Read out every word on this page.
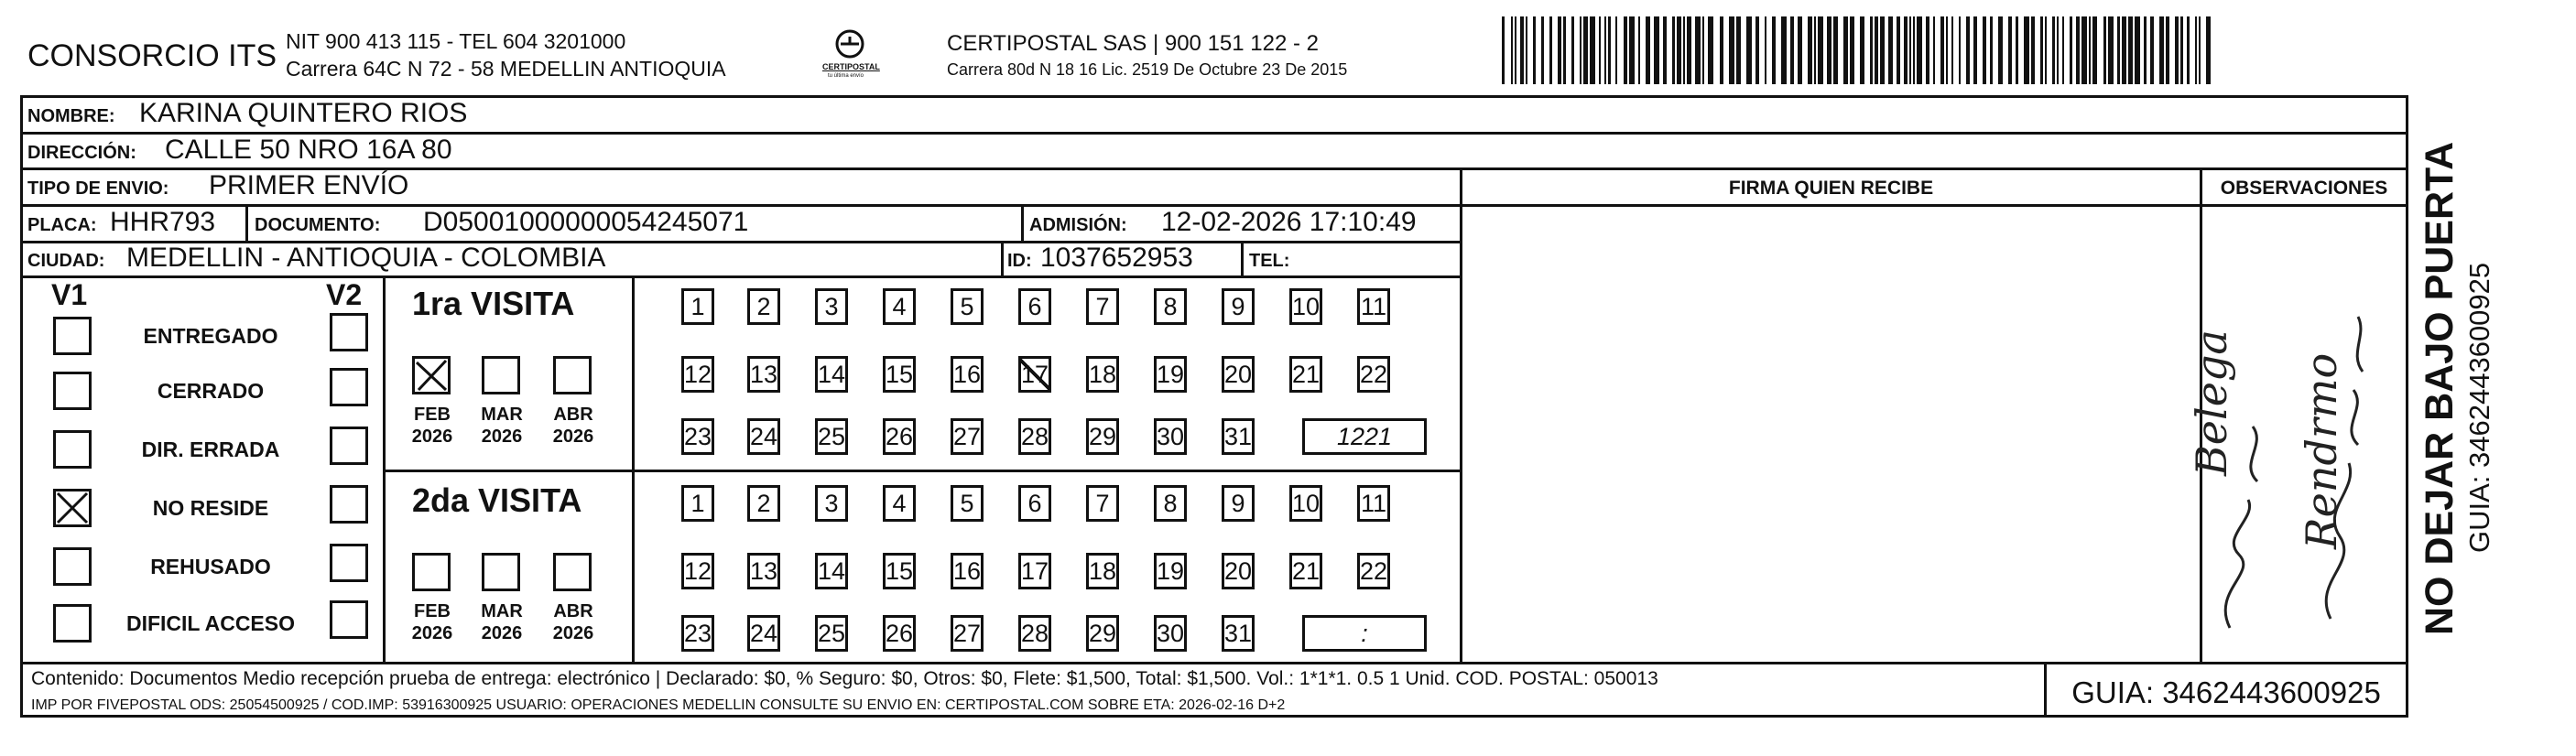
CONSORCIO ITS NIT 900 413 115 - TEL 604 3201000
Carrera 64C N 72 - 58 MEDELLIN ANTIOQUIA	CERTIPOSTAL
tu última envío
CERTIPOSTAL SAS | 900 151 122 - 2
Carrera 80d N 18 16 Lic. 2519 De Octubre 23 De 2015
NOMBRE: KARINA QUINTERO RIOS
DIRECCIÓN: CALLE 50 NRO 16A 80
TIPO DE ENVIO: PRIMER ENVÍO
PLACA: HHR793 DOCUMENTO: D05001000000054245071	ADMISIÓN: 12-02-2026 17:10:49
CIUDAD: MEDELLIN - ANTIOQUIA - COLOMBIA	ID: 1037652953	TEL:
FIRMA QUIEN RECIBE	OBSERVACIONES
Belega Rendrmo NO DEJAR BAJO PUERTA GUIA: 3462443600925
V1	V2
ENTREGADO
CERRADO
DIR. ERRADA
NO RESIDE
REHUSADO
DIFICIL ACCESO
1ra VISITA
FEB
2026
MAR
2026
ABR
2026
1	2	3	4	5	6	7	8	9	10 11
12 13 14 15 16 17 18 19 20 21 22
23 24 25 26 27 28 29 30 31	1221
2da VISITA
FEB
2026
MAR
2026
ABR
2026
1	2	3	4	5	6	7	8	9	10 11
12 13 14 15 16 17 18 19 20 21 22
23 24 25 26 27 28 29 30 31	:
Contenido: Documentos Medio recepción prueba de entrega: electrónico | Declarado: $0, % Seguro: $0, Otros: $0, Flete: $1,500, Total: $1,500. Vol.: 1*1*1. 0.5 1 Unid. COD. POSTAL: 050013
IMP POR FIVEPOSTAL ODS: 25054500925 / COD.IMP: 53916300925 USUARIO: OPERACIONES MEDELLIN CONSULTE SU ENVIO EN: CERTIPOSTAL.COM SOBRE ETA: 2026-02-16 D+2	GUIA: 3462443600925
